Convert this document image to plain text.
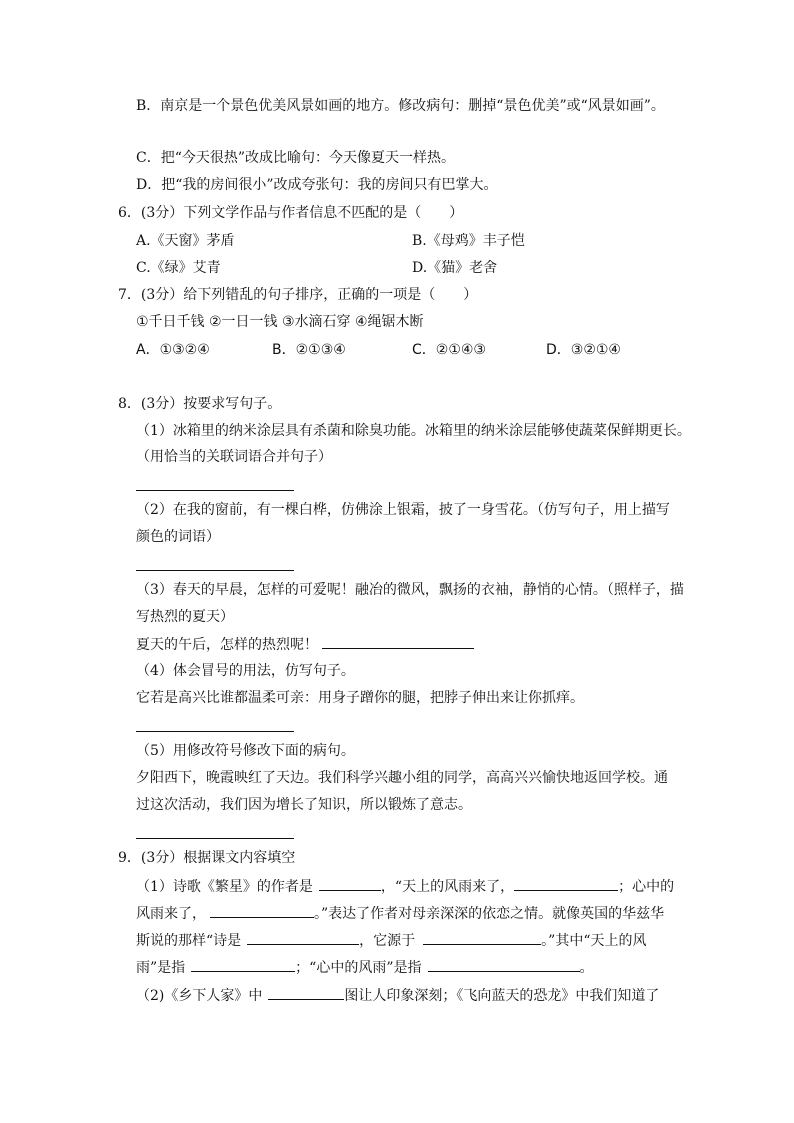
B．南京是一个景色优美风景如画的地方。修改病句：删掉“景色优美”或“风景如画”。
C．把“今天很热”改成比喻句：今天像夏天一样热。
D．把“我的房间很小”改成夸张句：我的房间只有巴掌大。
6．(3分）下列文学作品与作者信息不匹配的是（　　）
A.《天窗》茅盾	B.《母鸡》丰子恺
C.《绿》艾青	D.《猫》老舍
7．(3分）给下列错乱的句子排序，正确的一项是（　　）
①千日千钱 ②一日一钱 ③水滴石穿 ④绳锯木断
A．①③②④	B．②①③④	C．②①④③	D．③②①④
8．(3分）按要求写句子。
（1）冰箱里的纳米涂层具有杀菌和除臭功能。冰箱里的纳米涂层能够使蔬菜保鲜期更长。
（用恰当的关联词语合并句子）
（2）在我的窗前，有一棵白桦，仿佛涂上银霜，披了一身雪花。（仿写句子，用上描写
颜色的词语）
（3）春天的早晨，怎样的可爱呢！融冶的微风，飘扬的衣袖，静悄的心情。（照样子，描
写热烈的夏天）
夏天的午后，怎样的热烈呢！
（4）体会冒号的用法，仿写句子。
它若是高兴比谁都温柔可亲：用身子蹭你的腿，把脖子伸出来让你抓痒。
（5）用修改符号修改下面的病句。
夕阳西下，晚霞映红了天边。我们科学兴趣小组的同学，高高兴兴愉快地返回学校。通
过这次活动，我们因为增长了知识，所以锻炼了意志。
9．(3分）根据课文内容填空
（1）诗歌《繁星》的作者是	，“天上的风雨来了，	；心中的
风雨来了，	。”表达了作者对母亲深深的依恋之情。就像英国的华兹华
斯说的那样“诗是	，它源于	。”其中“天上的风
雨”是指	；“心中的风雨”是指	。
（2)《乡下人家》中	图让人印象深刻；《飞向蓝天的恐龙》中我们知道了
